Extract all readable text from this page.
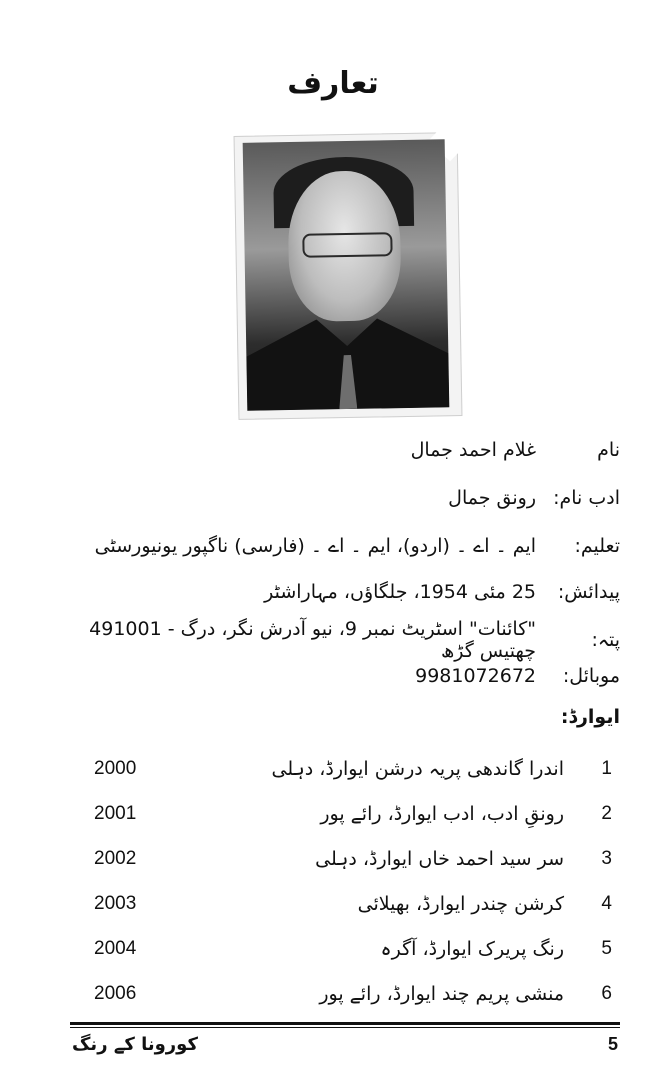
تعارف
نام
غلام احمد جمال
ادب نام:
رونق جمال
تعلیم:
ایم ۔ اے ۔ (اردو)، ایم ۔ اے ۔ (فارسی) ناگپور یونیورسٹی
پیدائش:
25 مئی 1954، جلگاؤں، مہاراشٹر
پتہ:
"کائنات" اسٹریٹ نمبر 9، نیو آدرش نگر، درگ - 491001 چھتیس گڑھ
موبائل:
9981072672
ایوارڈ:
2000	اندرا گاندھی پریہ درشن ایوارڈ، دہلی	1
2001	رونقِ ادب، ادب ایوارڈ، رائے پور	2
2002	سر سید احمد خاں ایوارڈ، دہلی	3
2003	کرشن چندر ایوارڈ، بھیلائی	4
2004	رنگ پریرک ایوارڈ، آگرہ	5
2006	منشی پریم چند ایوارڈ، رائے پور	6
5
کورونا کے رنگ
